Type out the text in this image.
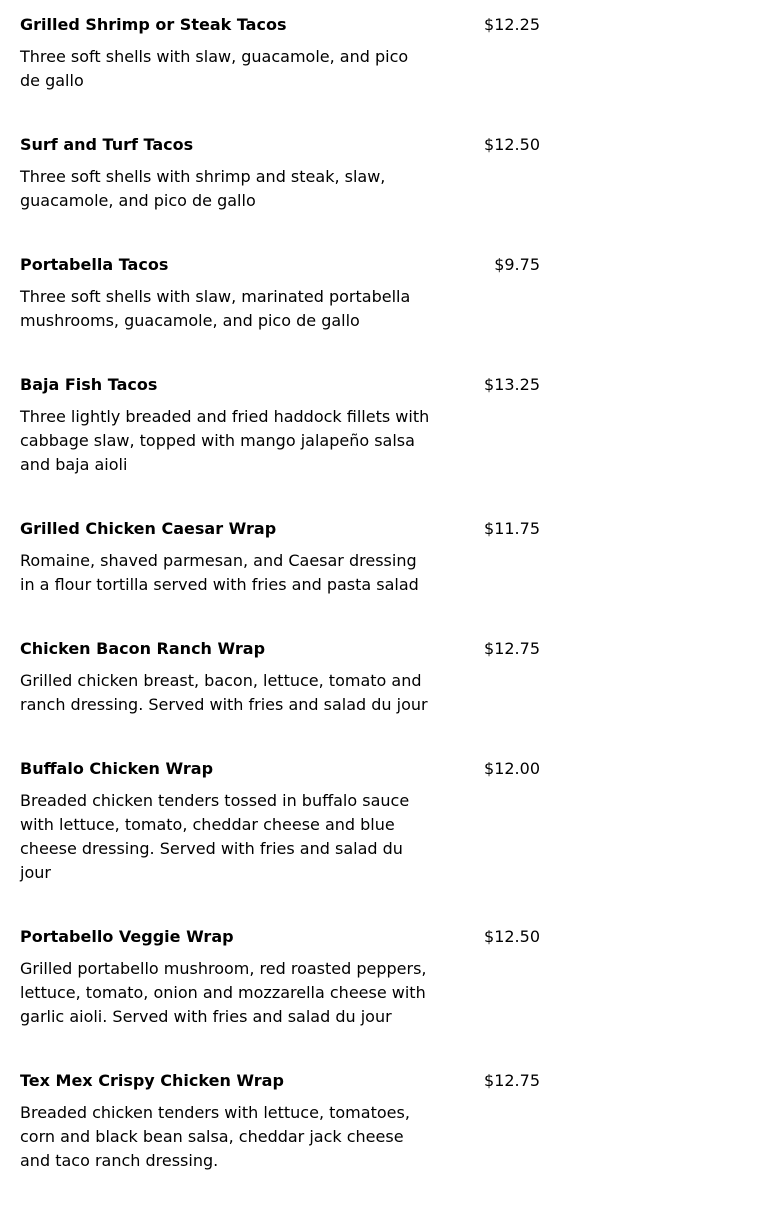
Grilled Shrimp or Steak Tacos	$12.25
Three soft shells with slaw, guacamole, and pico de gallo
Surf and Turf Tacos	$12.50
Three soft shells with shrimp and steak, slaw, guacamole, and pico de gallo
Portabella Tacos	$9.75
Three soft shells with slaw, marinated portabella mushrooms, guacamole, and pico de gallo
Baja Fish Tacos	$13.25
Three lightly breaded and fried haddock fillets with cabbage slaw, topped with mango jalapeño salsa and baja aioli
Grilled Chicken Caesar Wrap	$11.75
Romaine, shaved parmesan, and Caesar dressing in a flour tortilla served with fries and pasta salad
Chicken Bacon Ranch Wrap	$12.75
Grilled chicken breast, bacon, lettuce, tomato and ranch dressing. Served with fries and salad du jour
Buffalo Chicken Wrap	$12.00
Breaded chicken tenders tossed in buffalo sauce with lettuce, tomato, cheddar cheese and blue cheese dressing. Served with fries and salad du jour
Portabello Veggie Wrap	$12.50
Grilled portabello mushroom, red roasted peppers, lettuce, tomato, onion and mozzarella cheese with garlic aioli. Served with fries and salad du jour
Tex Mex Crispy Chicken Wrap	$12.75
Breaded chicken tenders with lettuce, tomatoes, corn and black bean salsa, cheddar jack cheese and taco ranch dressing.
